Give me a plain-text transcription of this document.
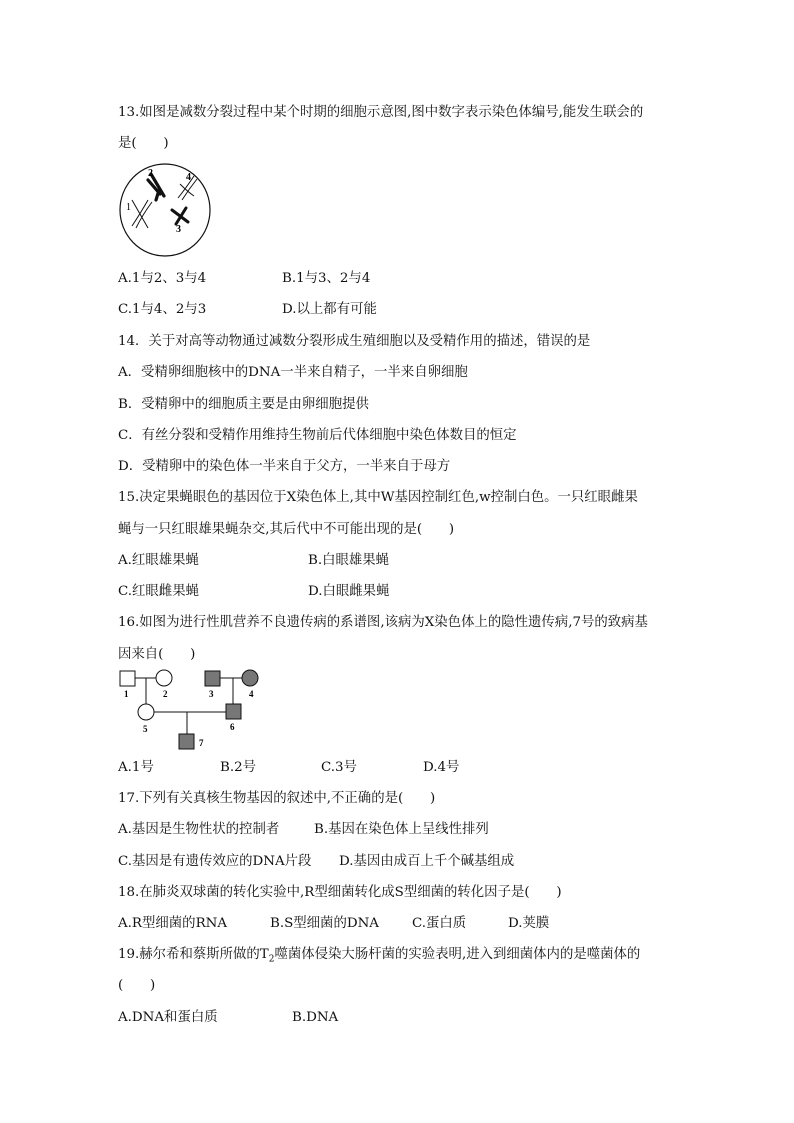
13.如图是减数分裂过程中某个时期的细胞示意图,图中数字表示染色体编号,能发生联会的
是(　　)
1
2
3
4
A.1与2、3与4	B.1与3、2与4
C.1与4、2与3	D.以上都有可能
14．关于对高等动物通过减数分裂形成生殖细胞以及受精作用的描述，错误的是
A．受精卵细胞核中的DNA一半来自精子，一半来自卵细胞
B．受精卵中的细胞质主要是由卵细胞提供
C．有丝分裂和受精作用维持生物前后代体细胞中染色体数目的恒定
D．受精卵中的染色体一半来自于父方，一半来自于母方
15.决定果蝇眼色的基因位于X染色体上,其中W基因控制红色,w控制白色。一只红眼雌果
蝇与一只红眼雄果蝇杂交,其后代中不可能出现的是(　　)
A.红眼雄果蝇	B.白眼雄果蝇
C.红眼雌果蝇	D.白眼雌果蝇
16.如图为进行性肌营养不良遗传病的系谱图,该病为X染色体上的隐性遗传病,7号的致病基
因来自(　　)
1	2	3	4
5	6
7
A.1号	B.2号	C.3号	D.4号
17.下列有关真核生物基因的叙述中,不正确的是(　　)
A.基因是生物性状的控制者	B.基因在染色体上呈线性排列
C.基因是有遗传效应的DNA片段 D.基因由成百上千个碱基组成
18.在肺炎双球菌的转化实验中,R型细菌转化成S型细菌的转化因子是(　　)
A.R型细菌的RNA	B.S型细菌的DNA C.蛋白质	D.荚膜
19.赫尔希和蔡斯所做的$T_2$噬菌体侵染大肠杆菌的实验表明,进入到细菌体内的是噬菌体的
(　　)
A.DNA和蛋白质	B.DNA
